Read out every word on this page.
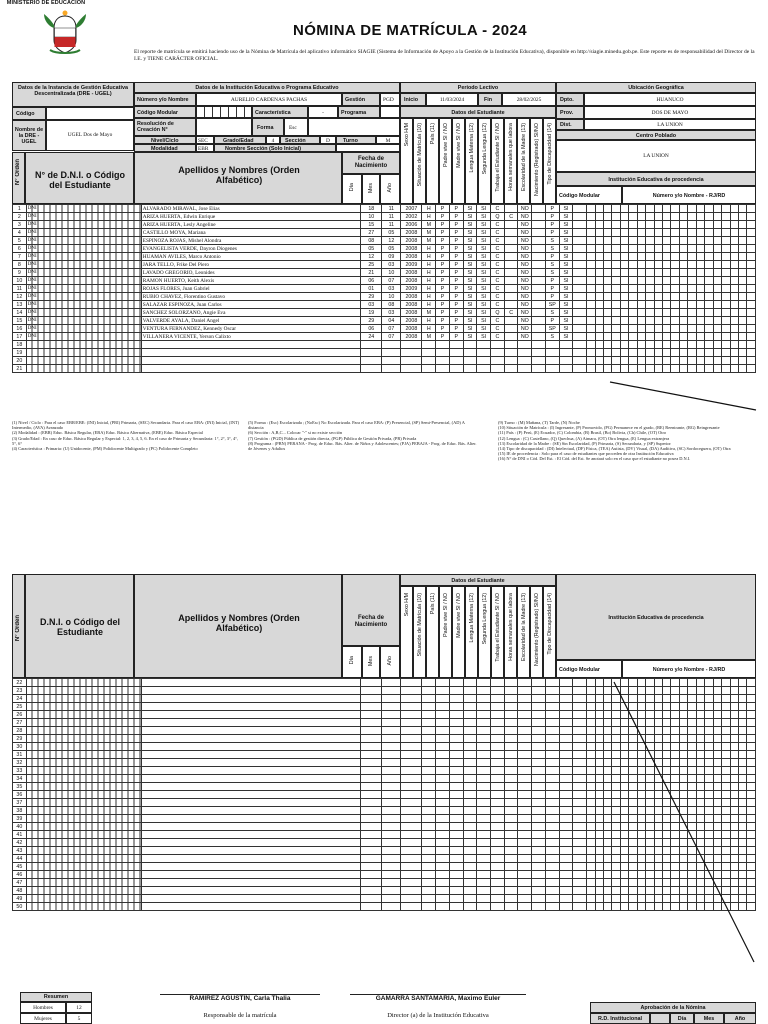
MINISTERIO DE EDUCACIÓN
NÓMINA DE MATRÍCULA - 2024
El reporte de matrícula se emitirá haciendo uso de la Nómina de Matrícula del aplicativo informático SIAGIE (Sistema de Información de Apoyo a la Gestión de la Institución Educativa), disponible en http://siagie.minedu.gob.pe. Este reporte es de responsabilidad del Director de la I.E. y TIENE CARÁCTER OFICIAL.
Datos de la Instancia de Gestión Educativa Descentralizada (DRE - UGEL)
Código
Nombre de la DRE - UGEL
UGEL Dos de Mayo
Datos de la Institución Educativa o Programa Educativo
Número y/o Nombre	AURELIO CARDENAS PACHAS	Gestión	PGD
Código Modular	Característica	-	Programa
Resolución de Creación N°	Forma	Esc
Nivel/Ciclo	SEC	Grado/Edad	4	Sección	D	Turno	M
Modalidad	EBR	Nombre Sección (Solo Inicial)
Periodo Lectivo
Inicio	11/03/2024	Fin	28/02/2025
Ubicación Geográfica
Dpto.	HUANUCO
Prov.	DOS DE MAYO
Dist.	LA UNION
Centro Poblado
LA UNION
Datos del Estudiante
N° Orden	N° de D.N.I. o Código del Estudiante
Apellidos y Nombres (Orden Alfabético)
Fecha de Nacimiento
Día Mes Año
Sexo H/M Situación de Matrícula (10) País (11) Padre vive SI / NO Madre vive SI / NO Lengua Materna (12) Segunda Lengua (12) Trabaja el Estudiante SI / NO Horas semanales que labora Escolaridad de la Madre (13) Nacimiento (Registrado) SI/NO Tipo de Discapacidad (14)	Institución Educativa de procedencia
Código Modular	Número y/o Nombre - RJ/RD
1	DNI	ALVARADO MIRAVAL, Jose Elias	18	11	2007	H	P	P	SI	SI	C		NO		P	SI																					
2	DNI	ARIZA HUERTA, Edwin Enrique	10	11	2002	H	P	P	SI	SI	Q	C	NO		P	SI																					
3	DNI	ARIZA HUERTA, Lesly Angeline	15	11	2006	M	P	P	SI	SI	C		NO		P	SI																					
4	DNI	CASTILLO MOYA, Mariana	27	05	2008	M	P	P	SI	SI	C		NO		P	SI																					
5	DNI	ESPINOZA ROJAS, Mishel Alondra	08	12	2008	M	P	P	SI	SI	C		NO		S	SI																					
6	DNI	EVANGELISTA VERDE, Dayron Diogenes	05	05	2008	H	P	P	SI	SI	C		NO		S	SI																					
7	DNI	HUAMAN AVILES, Marco Antonio	12	09	2008	H	P	P	SI	SI	C		NO		P	SI																					
8	DNI	JARA TELLO, Frike Del Piero	25	03	2009	H	P	P	SI	SI	C		NO		S	SI																					
9	DNI	LAVADO GREGORIO, Leonides	21	10	2008	H	P	P	SI	SI	C		NO		S	SI																					
10	DNI	RAMON HUERTO, Keith Alexis	06	07	2008	H	P	P	SI	SI	C		NO		P	SI																					
11	DNI	ROJAS FLORES, Juan Gabriel	01	03	2009	H	P	P	SI	SI	C		NO		P	SI																					
12	DNI	RUBIO CHAVEZ, Florentino Gustavo	29	10	2008	H	P	P	SI	SI	C		NO		P	SI																					
13	DNI	SALAZAR ESPINOZA, Juan Carlos	03	08	2008	H	P	P	SI	SI	C		NO		SP	SI																					
14	DNI	SANCHEZ SOLORZANO, Angie Eva	19	03	2008	M	P	P	SI	SI	Q	C	NO		S	SI																					
15	DNI	VALVERDE AYALA, Daniel Angel	29	04	2008	H	P	P	SI	SI	C		NO		P	SI																					
16	DNI	VENTURA FERNANDEZ, Kennedy Oscar	06	07	2008	H	P	P	SI	SI	C		NO		SP	SI																					
17	DNI	VILLANERA VICENTE, Yerson Calixto	24	07	2008	M	P	P	SI	SI	C		NO		S	SI																					
18																																					
19																																					
20																																					
21																																					
(1) Nivel / Ciclo : Para el caso EBR/EBE: (INI) Inicial, (PRI) Primaria, (SEC) Secundaria. Para el caso EBA: (INI) Inicial, (INT) Intermedio, (AVA) Avanzado
(2) Modalidad : (EBR) Educ. Básica Regular, (EBA) Educ. Básica Alternativa, (EBE) Educ. Básica Especial
(3) Grado/Edad : En caso de Educ. Básica Regular y Especial: 1, 2, 3, 4, 5, 6. En el caso de Primaria y Secundaria: 1°, 2°, 3°, 4°, 5°, 6°
(4) Característica : Primaria: (U) Unidocente, (PM) Polidocente Multigrado y (PC) Polidocente Completo
(5) Forma : (Esc) Escolarizada ; (NoEsc) No Escolarizada. Para el caso EBA: (P) Presencial, (SP) Semi-Presencial, (AD) A distancia
(6) Sección : A,B,C... Colocar "-" si no existe sección
(7) Gestión : (PGD) Pública de gestión directa, (PGP) Pública de Gestión Privada, (PR) Privada
(8) Programa : (PBN) PERANA - Prog. de Educ. Bás. Alter. de Niños y Adolescentes; (PJA) PEBAJA - Prog. de Educ. Bás. Alter. de Jóvenes y Adultos
(9) Turno : (M) Mañana, (T) Tarde, (N) Noche
(10) Situación de Matrícula : (I) Ingresante, (P) Promovido, (PG) Permanece en el grado, (RE) Reentrante, (RG) Reingresante
(11) País : (P) Perú, (E) Ecuador, (C) Colombia, (B) Brasil, (Bo) Bolivia, (Ch) Chile, (OT) Otro
(12) Lengua : (C) Castellano, (Q) Quechua, (A) Aimara, (OT) Otra lengua, (E) Lengua extranjera
(13) Escolaridad de la Madre : (SE) Sin Escolaridad, (P) Primaria, (S) Secundaria, y (SP) Superior
(14) Tipo de discapacidad : (DI) Intelectual, (DF) Física, (TEA) Autista, (DV) Visual, (DA) Auditiva, (SC) Sordoceguera, (OT) Otra
(15) IE de procedencia : Solo para el caso de estudiantes que proceden de otra Institución Educativa
(16) N° de DNI o Cód. Del Est. : El Cód. del Est. Se anotará solo en el caso que el estudiante no posea D.N.I.
N° Orden	D.N.I. o Código del Estudiante
Apellidos y Nombres (Orden Alfabético)
Fecha de Nacimiento
Día Mes Año
Datos del Estudiante
Sexo H/M Situación de Matrícula (10) País (11) Padre vive SI / NO Madre vive SI / NO Lengua Materna (12) Segunda Lengua (12) Trabaja el Estudiante SI / NO Horas semanales que labora Escolaridad de la Madre (13) Nacimiento (Registrado) SI/NO Tipo de Discapacidad (14)	Institución Educativa de procedencia
Código Modular	Número y/o Nombre - RJ/RD
22																																					
23																																					
24																																					
25																																					
26																																					
27																																					
28																																					
29																																					
30																																					
31																																					
32																																					
33																																					
34																																					
35																																					
36																																					
37																																					
38																																					
39																																					
40																																					
41																																					
42																																					
43																																					
44																																					
45																																					
46																																					
47																																					
48																																					
49																																					
50																																					
Resumen
Hombres	12
Mujeres	5
RAMIREZ AGUSTIN, Carla Thalia
Responsable de la matrícula
GAMARRA SANTAMARIA, Maximo Euler
Director (a) de la Institución Educativa
Aprobación de la Nómina
R.D. Institucional	Día	Mes	Año
